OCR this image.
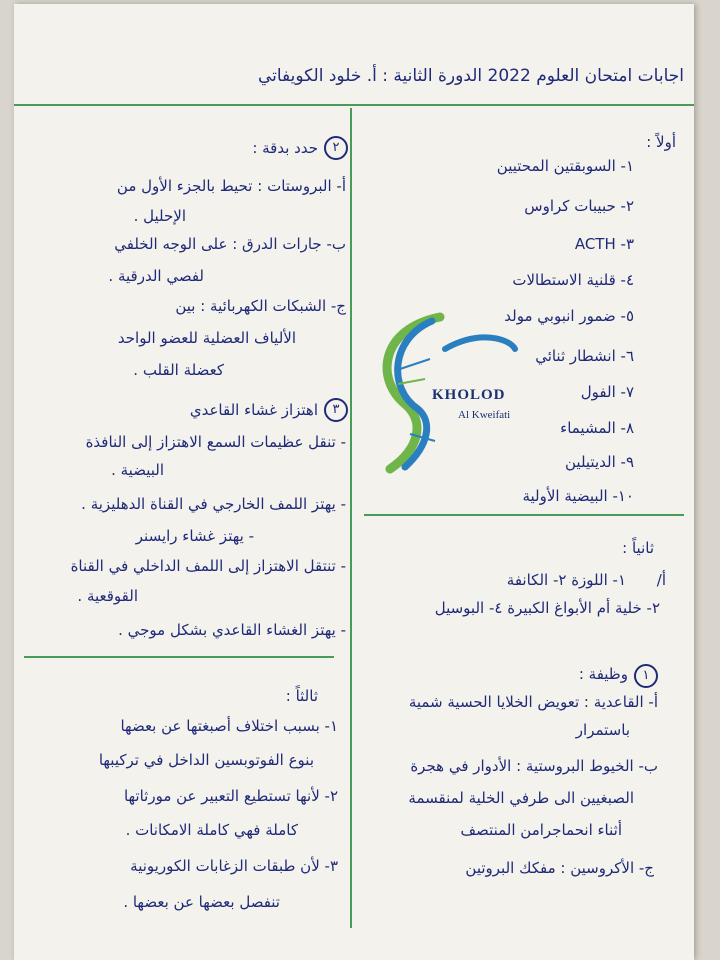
اجابات امتحان العلوم 2022 الدورة الثانية : أ. خلود الكويفاتي
KHOLOD
Al Kweifati
أولاً :
١- السوبقتين المحتيين
٢- حبيبات كراوس
٣- ACTH
٤- قلنية الاستطالات
٥- ضمور انبوبي مولد
٦- انشطار ثنائي
٧- الفول
٨- المشيماء
٩- الديتيلين
١٠- البيضية الأولية
ثانياً :
أ/
١- اللوزة ٢- الكانفة
٢- خلية أم الأبواغ الكبيرة ٤- البوسيل
١
وظيفة :
أ- القاعدية : تعويض الخلايا الحسية شمية
باستمرار
ب- الخيوط البروستية : الأدوار في هجرة
الصبغيين الى طرفي الخلية لمنقسمة
أثناء انحماجرامن المنتصف
ج- الأكروسين : مفكك البروتين
٢
حدد بدقة :
أ- البروستات : تحيط بالجزء الأول من
الإحليل .
ب- جارات الدرق : على الوجه الخلفي
لفصي الدرقية .
ج- الشبكات الكهربائية : بين
الألياف العضلية للعضو الواحد
كعضلة القلب .
٣
اهتزاز غشاء القاعدي
- تنقل عظيمات السمع الاهتزاز إلى النافذة
البيضية .
- يهتز اللمف الخارجي في القناة الدهليزية .
- يهتز غشاء رايسنر
- تنتقل الاهتزاز إلى اللمف الداخلي في القناة
القوقعية .
- يهتز الغشاء القاعدي بشكل موجي .
ثالثاً :
١- بسبب اختلاف أصبغتها عن بعضها
بنوع الفوتوبسين الداخل في تركيبها
٢- لأنها تستطيع التعبير عن مورثاتها
كاملة فهي كاملة الامكانات .
٣- لأن طبقات الزغابات الكوريونية
تنفصل بعضها عن بعضها .
